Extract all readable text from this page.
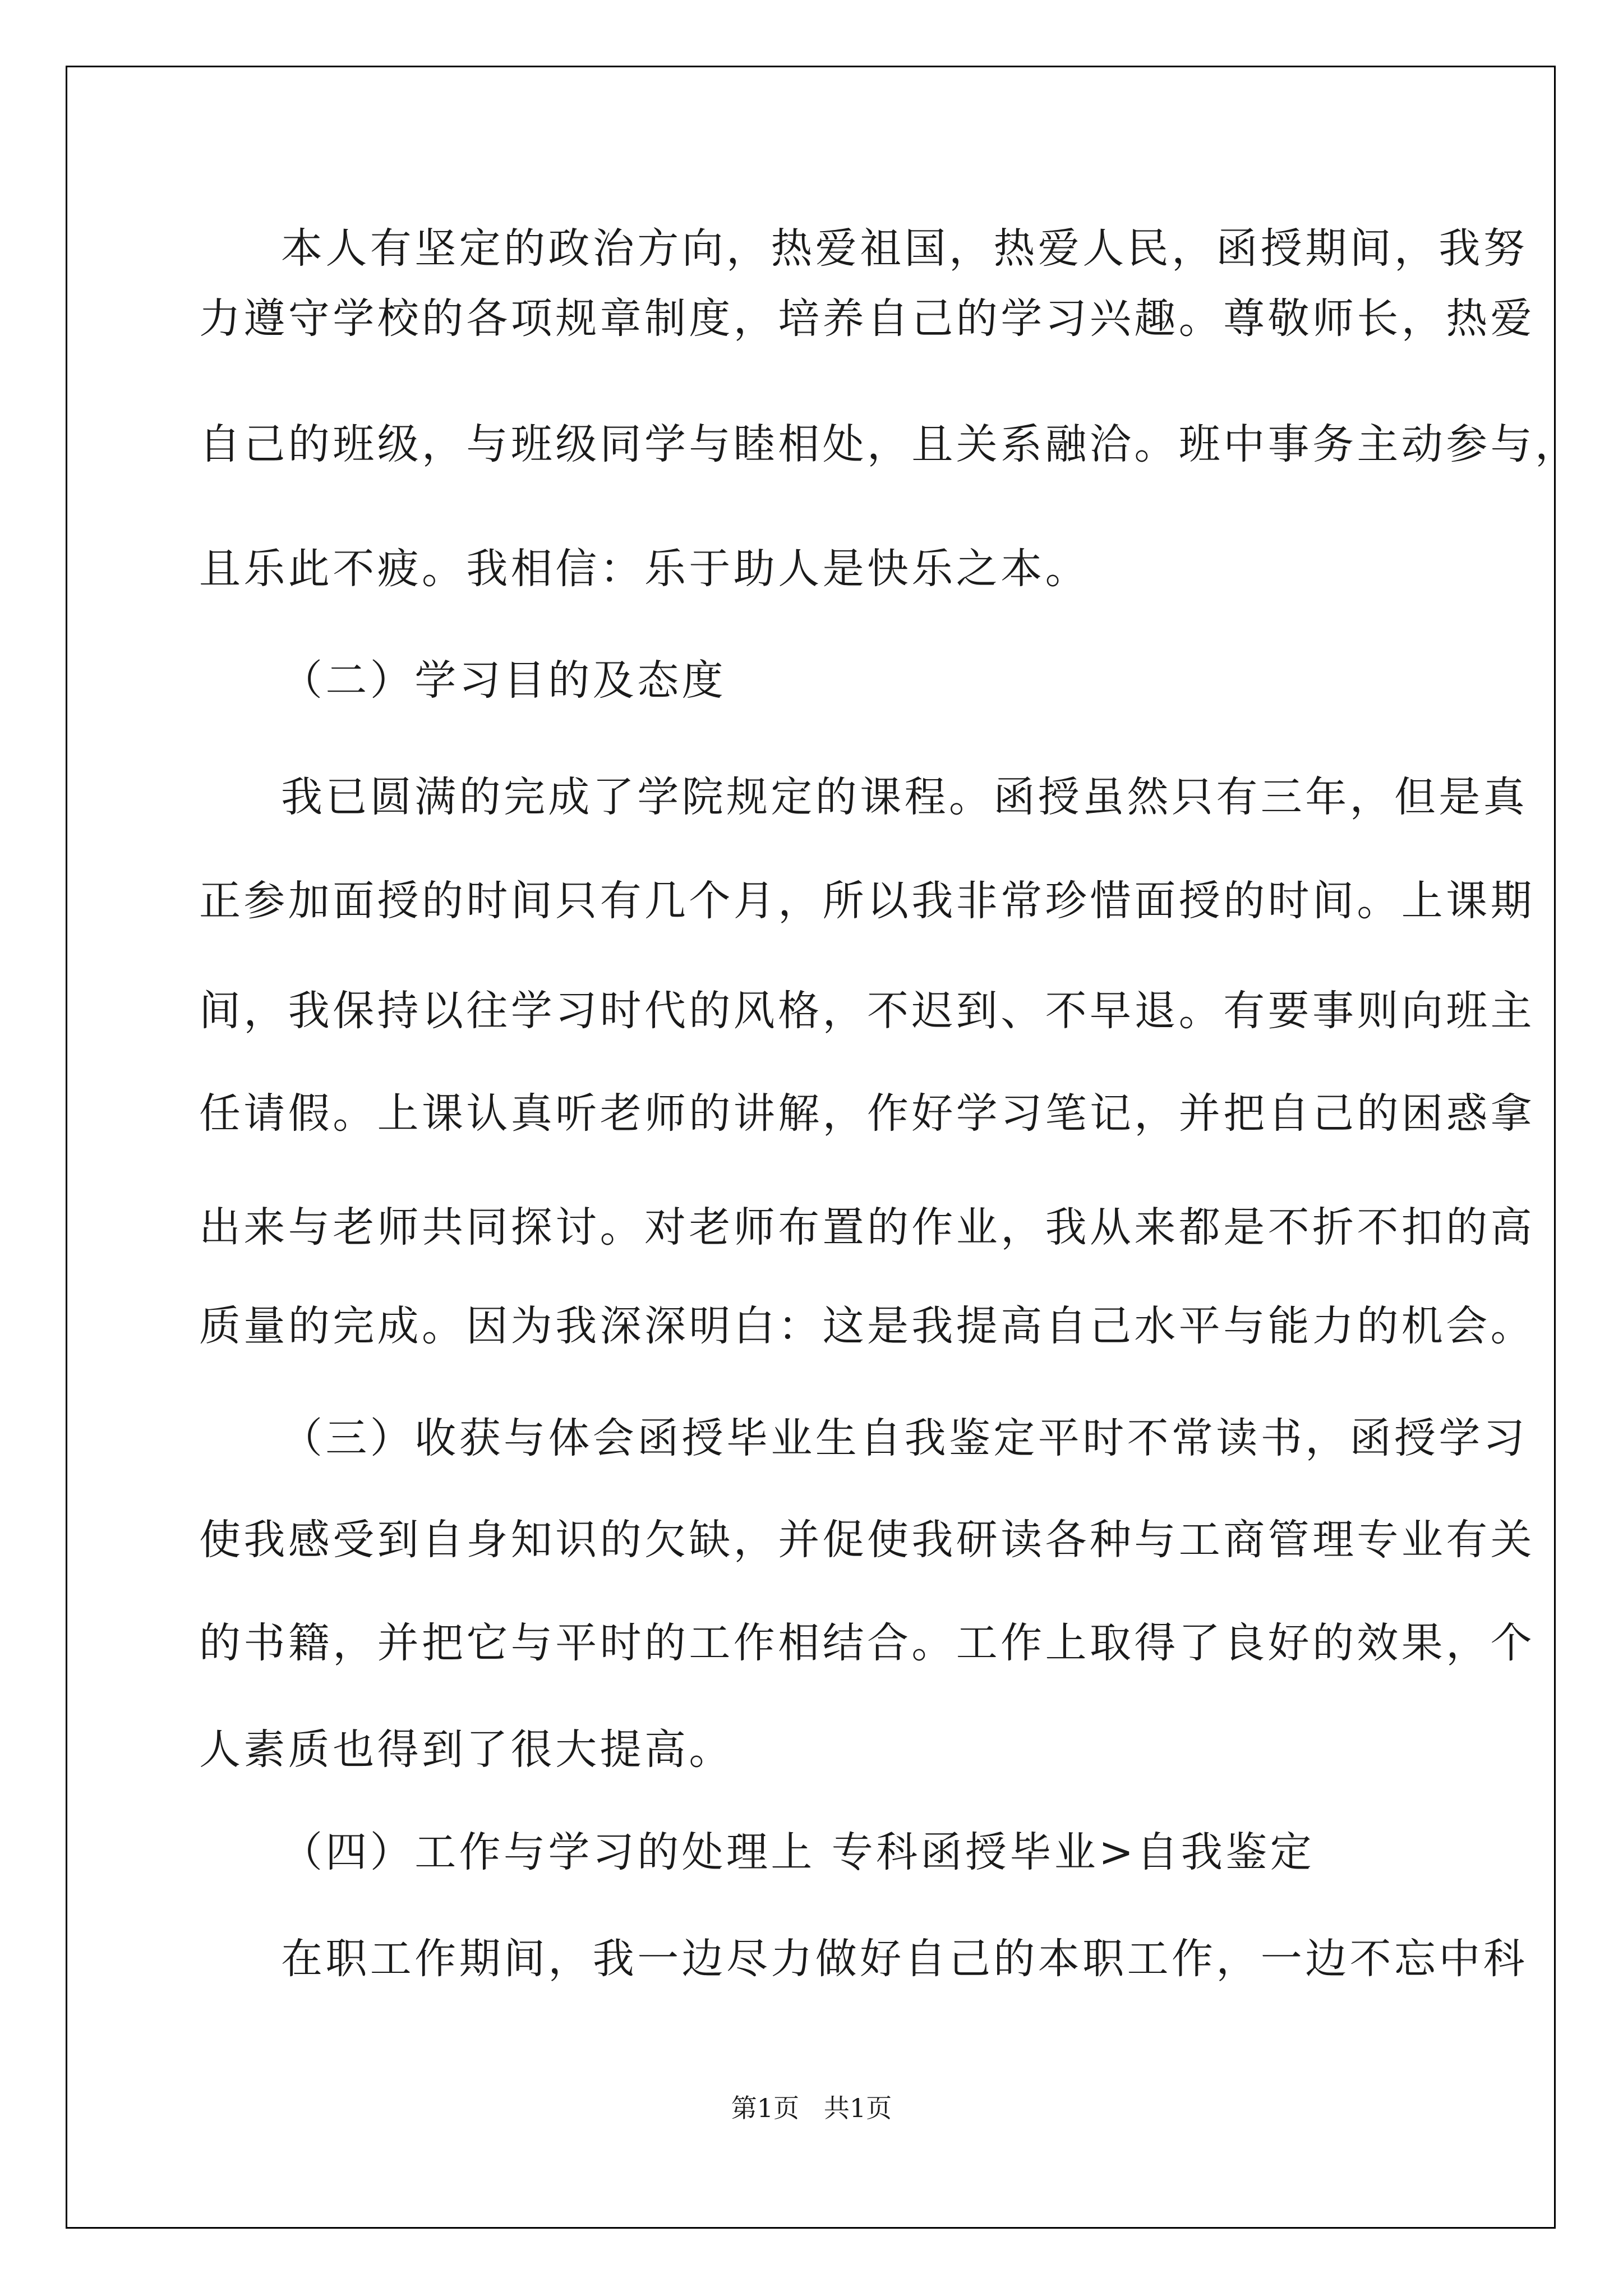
本人有坚定的政治方向，热爱祖国，热爱人民，函授期间，我努

力遵守学校的各项规章制度，培养自己的学习兴趣。尊敬师长，热爱

自己的班级，与班级同学与睦相处，且关系融洽。班中事务主动参与，

且乐此不疲。我相信：乐于助人是快乐之本。

（二）学习目的及态度

我已圆满的完成了学院规定的课程。函授虽然只有三年，但是真

正参加面授的时间只有几个月，所以我非常珍惜面授的时间。上课期

间，我保持以往学习时代的风格，不迟到、不早退。有要事则向班主

任请假。上课认真听老师的讲解，作好学习笔记，并把自己的困惑拿

出来与老师共同探讨。对老师布置的作业，我从来都是不折不扣的高

质量的完成。因为我深深明白：这是我提高自己水平与能力的机会。

（三）收获与体会函授毕业生自我鉴定平时不常读书，函授学习

使我感受到自身知识的欠缺，并促使我研读各种与工商管理专业有关

的书籍，并把它与平时的工作相结合。工作上取得了良好的效果，个

人素质也得到了很大提高。

（四）工作与学习的处理上 专科函授毕业>自我鉴定

在职工作期间，我一边尽力做好自己的本职工作，一边不忘中科

第1页   共1页
